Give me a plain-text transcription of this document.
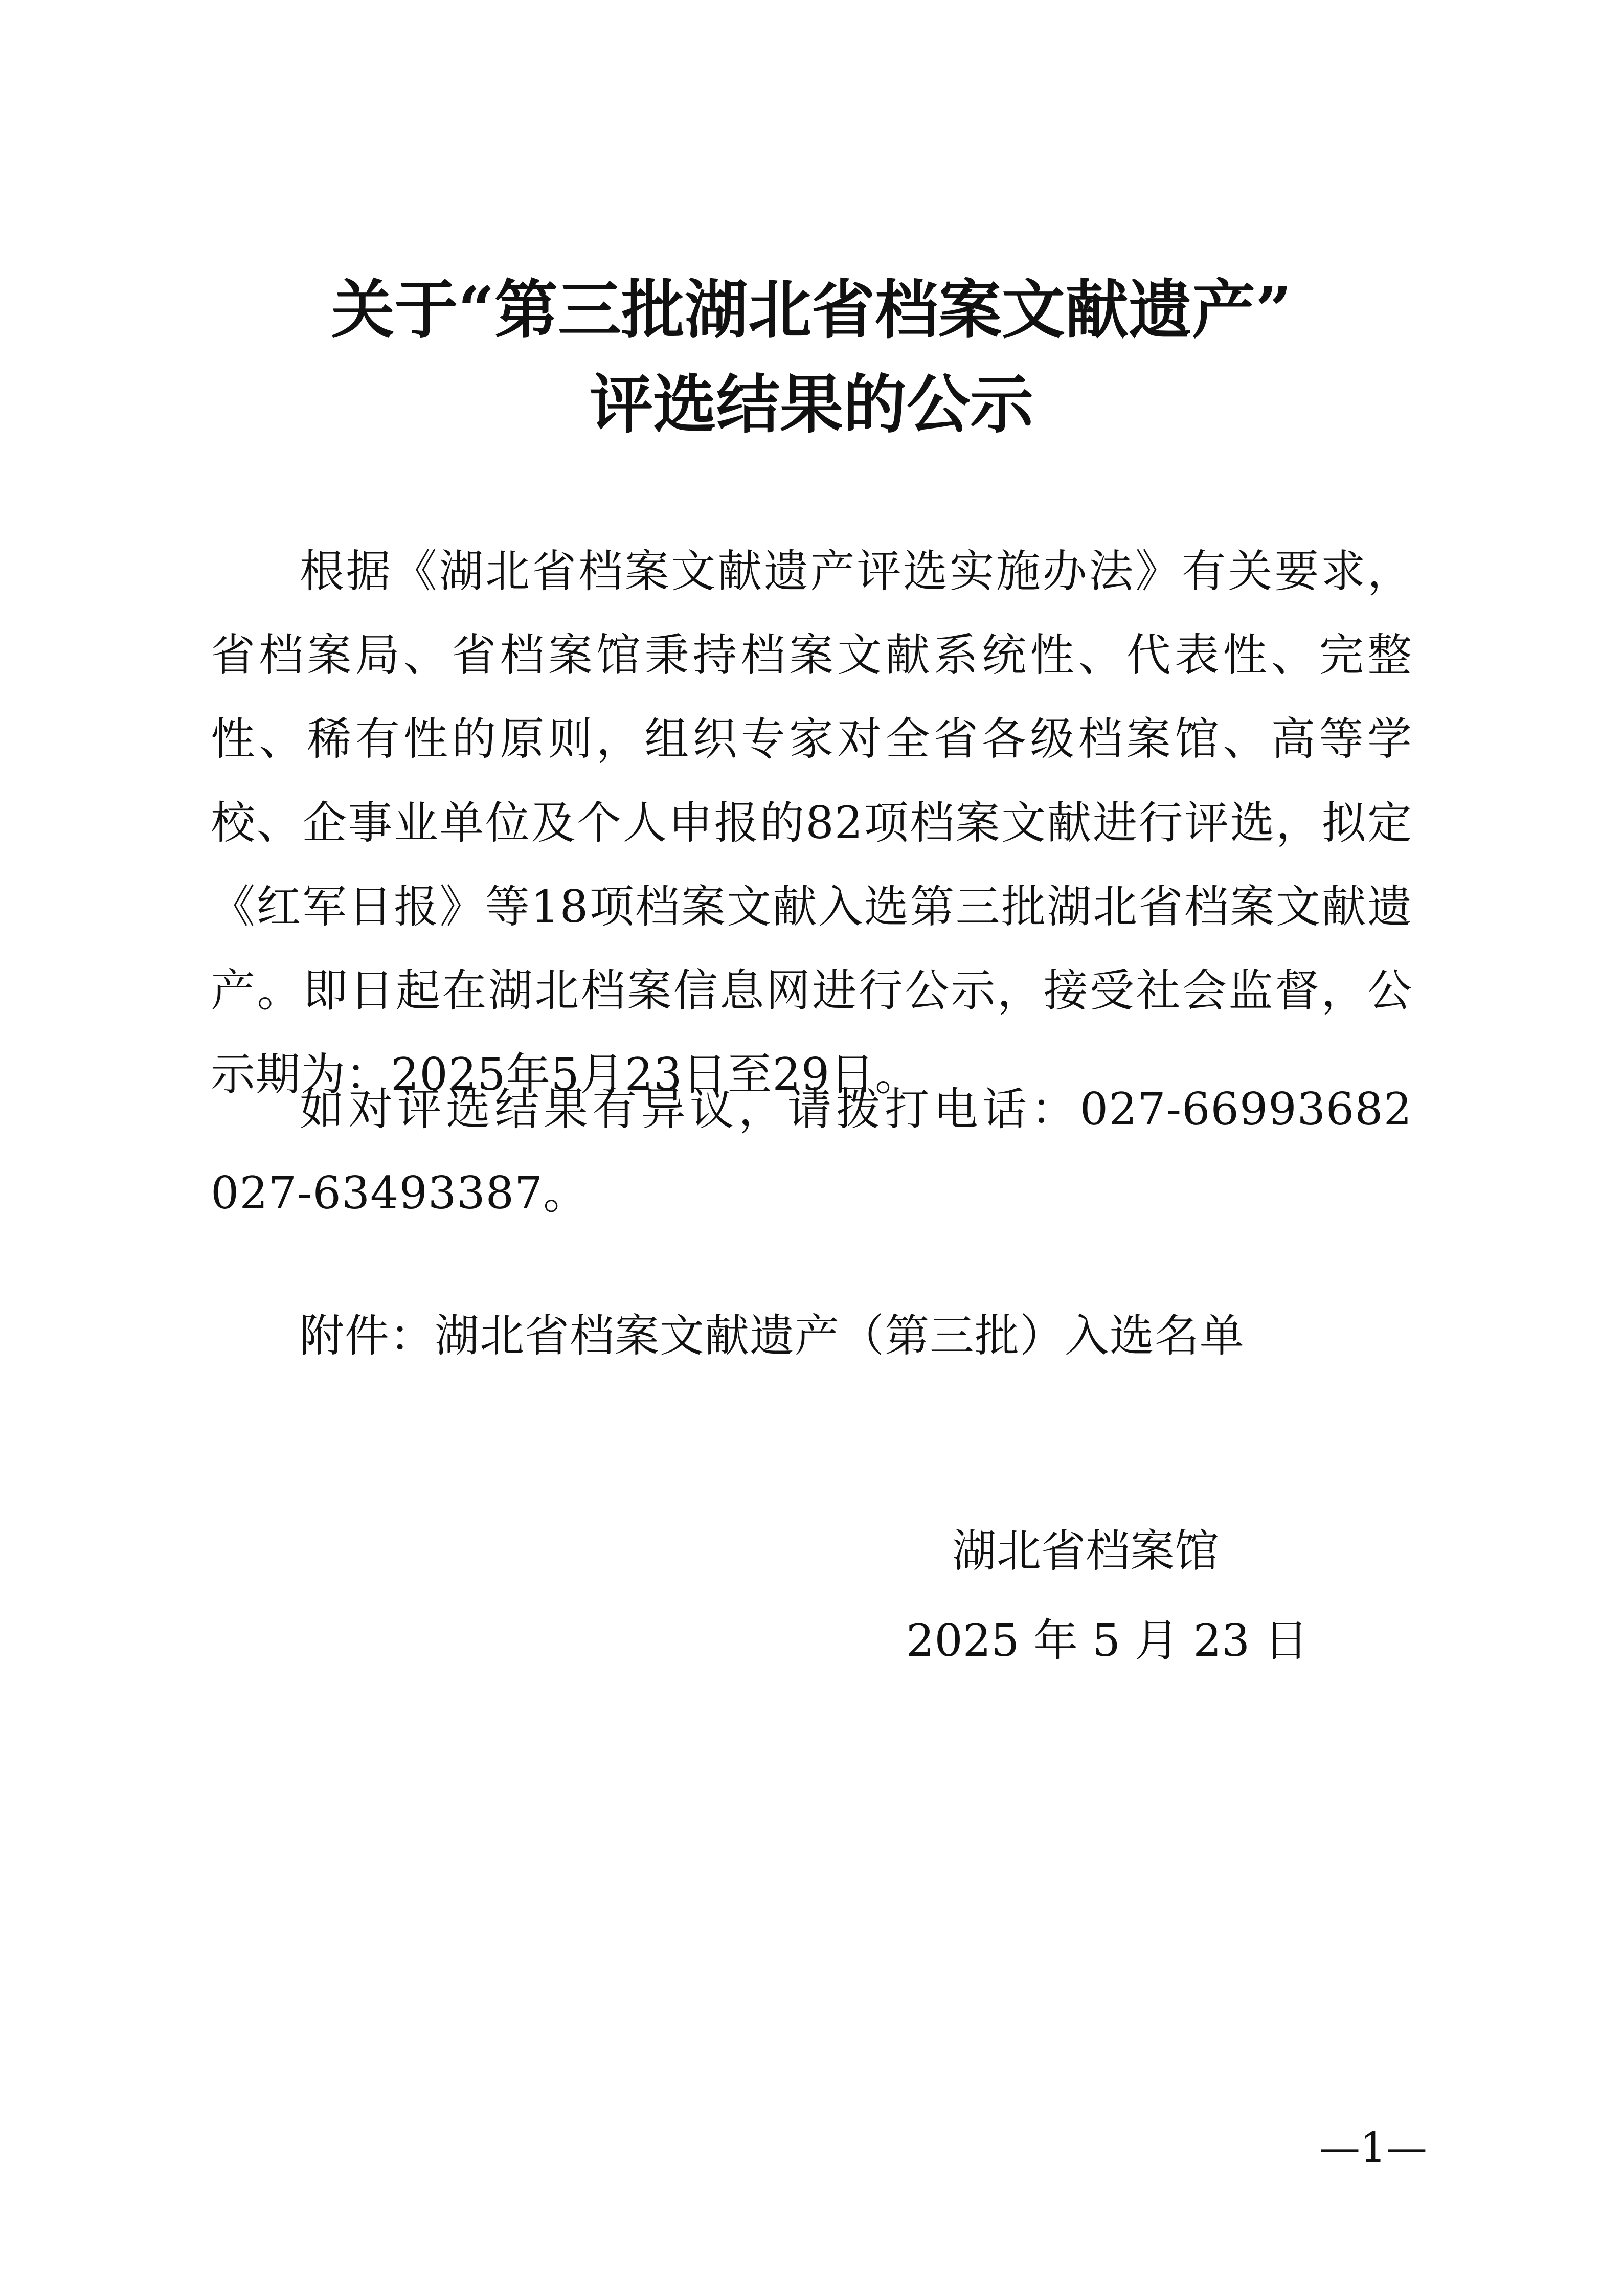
关于“第三批湖北省档案文献遗产”
评选结果的公示

根据《湖北省档案文献遗产评选实施办法》有关要求，省档案局、省档案馆秉持档案文献系统性、代表性、完整性、稀有性的原则，组织专家对全省各级档案馆、高等学校、企事业单位及个人申报的82项档案文献进行评选，拟定《红军日报》等18项档案文献入选第三批湖北省档案文献遗产。即日起在湖北档案信息网进行公示，接受社会监督，公示期为：2025年5月23日至29日。

如对评选结果有异议，请拨打电话：027-66993682 027-63493387。

附件：湖北省档案文献遗产（第三批）入选名单

湖北省档案馆
2025 年 5 月 23 日
—1—
